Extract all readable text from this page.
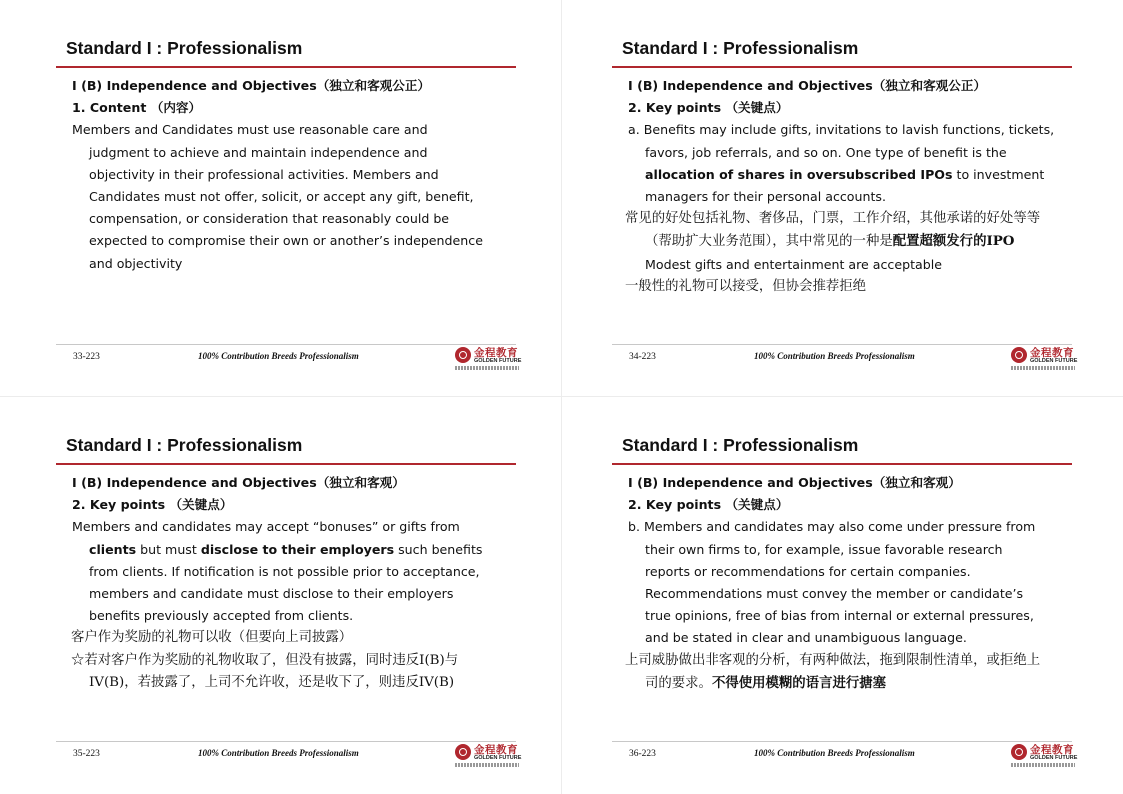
Standard I : Professionalism

I (B) Independence and Objectives（独立和客观公正）

1. Content （内容）

Members and Candidates must use reasonable care and judgment to achieve and maintain independence and objectivity in their professional activities. Members and Candidates must not offer, solicit, or accept any gift, benefit, compensation, or consideration that reasonably could be expected to compromise their own or another’s independence and objectivity

33-223	100% Contribution Breeds Professionalism	金程教育
GOLDEN FUTURE
Standard I : Professionalism

I (B) Independence and Objectives（独立和客观公正）

2. Key points （关键点）

a. Benefits may include gifts, invitations to lavish functions, tickets, favors, job referrals, and so on. One type of benefit is the allocation of shares in oversubscribed IPOs to investment managers for their personal accounts.

常见的好处包括礼物、奢侈品，门票，工作介绍，其他承诺的好处等等（帮助扩大业务范围），其中常见的一种是配置超额发行的IPO

Modest gifts and entertainment are acceptable

一般性的礼物可以接受，但协会推荐拒绝

34-223	100% Contribution Breeds Professionalism	金程教育
GOLDEN FUTURE
Standard I : Professionalism

I (B) Independence and Objectives（独立和客观）

2. Key points （关键点）

Members and candidates may accept “bonuses” or gifts from clients but must disclose to their employers such benefits from clients. If notification is not possible prior to acceptance, members and candidate must disclose to their employers benefits previously accepted from clients.

客户作为奖励的礼物可以收（但要向上司披露）

☆若对客户作为奖励的礼物收取了，但没有披露，同时违反I(B)与IV(B)，若披露了，上司不允许收，还是收下了，则违反IV(B)

35-223	100% Contribution Breeds Professionalism	金程教育
GOLDEN FUTURE
Standard I : Professionalism

I (B) Independence and Objectives（独立和客观）

2. Key points （关键点）

b. Members and candidates may also come under pressure from their own firms to, for example, issue favorable research reports or recommendations for certain companies. Recommendations must convey the member or candidate’s true opinions, free of bias from internal or external pressures, and be stated in clear and unambiguous language.

上司威胁做出非客观的分析，有两种做法，拖到限制性清单，或拒绝上司的要求。不得使用模糊的语言进行搪塞

36-223	100% Contribution Breeds Professionalism	金程教育
GOLDEN FUTURE
